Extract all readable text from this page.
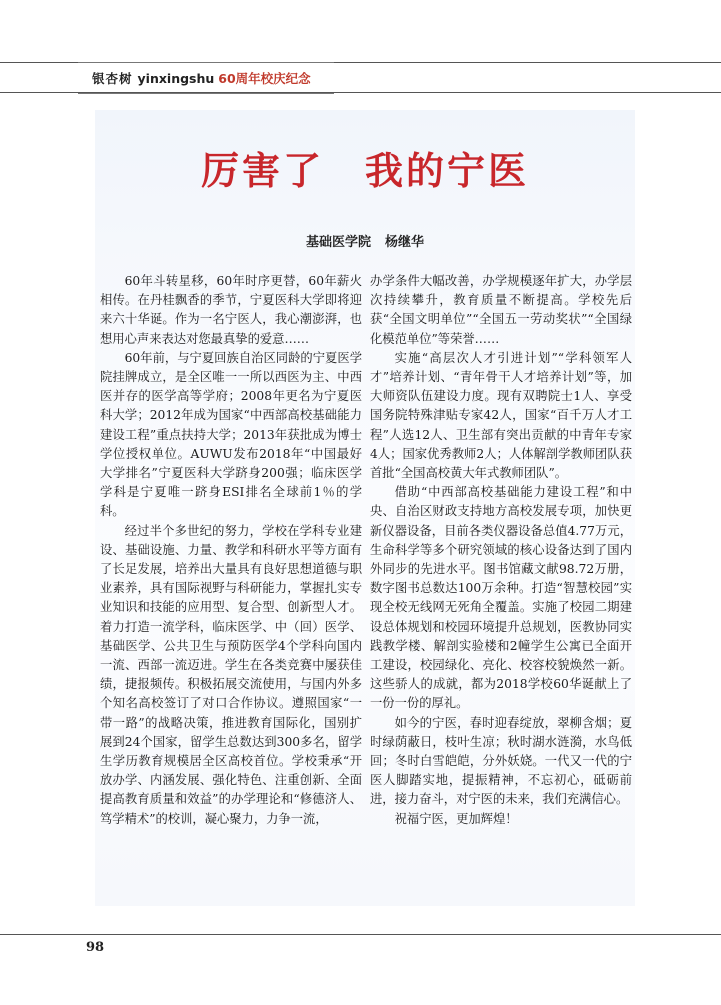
银杏树 yinxingshu 60周年校庆纪念
厉害了　我的宁医
基础医学院 杨继华

60年斗转星移，60年时序更替，60年薪火相传。在丹桂飘香的季节，宁夏医科大学即将迎来六十华诞。作为一名宁医人，我心潮澎湃，也想用心声来表达对您最真挚的爱意……

60年前，与宁夏回族自治区同龄的宁夏医学院挂牌成立，是全区唯一一所以西医为主、中西医并存的医学高等学府；2008年更名为宁夏医科大学；2012年成为国家“中西部高校基础能力建设工程”重点扶持大学；2013年获批成为博士学位授权单位。AUWU发布2018年“中国最好大学排名”宁夏医科大学跻身200强；临床医学学科是宁夏唯一跻身ESI排名全球前1％的学科。

经过半个多世纪的努力，学校在学科专业建设、基础设施、力量、教学和科研水平等方面有了长足发展，培养出大量具有良好思想道德与职业素养，具有国际视野与科研能力，掌握扎实专业知识和技能的应用型、复合型、创新型人才。着力打造一流学科，临床医学、中（回）医学、基础医学、公共卫生与预防医学4个学科向国内一流、西部一流迈进。学生在各类竞赛中屡获佳绩，捷报频传。积极拓展交流使用，与国内外多个知名高校签订了对口合作协议。遵照国家“一带一路”的战略决策，推进教育国际化，国别扩展到24个国家，留学生总数达到300多名，留学生学历教育规模居全区高校首位。学校秉承“开放办学、内涵发展、强化特色、注重创新、全面提高教育质量和效益”的办学理论和“修德济人、笃学精术”的校训，凝心聚力，力争一流，

办学条件大幅改善，办学规模逐年扩大，办学层次持续攀升，教育质量不断提高。学校先后获“全国文明单位”“全国五一劳动奖状”“全国绿化模范单位”等荣誉……

实施“高层次人才引进计划”“学科领军人才”培养计划、“青年骨干人才培养计划”等，加大师资队伍建设力度。现有双聘院士1人、享受国务院特殊津贴专家42人，国家“百千万人才工程”人选12人、卫生部有突出贡献的中青年专家4人；国家优秀教师2人；人体解剖学教师团队获首批“全国高校黄大年式教师团队”。

借助“中西部高校基础能力建设工程”和中央、自治区财政支持地方高校发展专项，加快更新仪器设备，目前各类仪器设备总值4.77万元，生命科学等多个研究领域的核心设备达到了国内外同步的先进水平。图书馆藏文献98.72万册，数字图书总数达100万余种。打造“智慧校园”实现全校无线网无死角全覆盖。实施了校园二期建设总体规划和校园环境提升总规划，医教协同实践教学楼、解剖实验楼和2幢学生公寓已全面开工建设，校园绿化、亮化、校容校貌焕然一新。这些骄人的成就，都为2018学校60华诞献上了一份一份的厚礼。

如今的宁医，春时迎春绽放，翠柳含烟；夏时绿荫蔽日，枝叶生凉；秋时湖水涟漪，水鸟低回；冬时白雪皑皑，分外妖娆。一代又一代的宁医人脚踏实地，提振精神，不忘初心，砥砺前进，接力奋斗，对宁医的未来，我们充满信心。

祝福宁医，更加辉煌！

98
